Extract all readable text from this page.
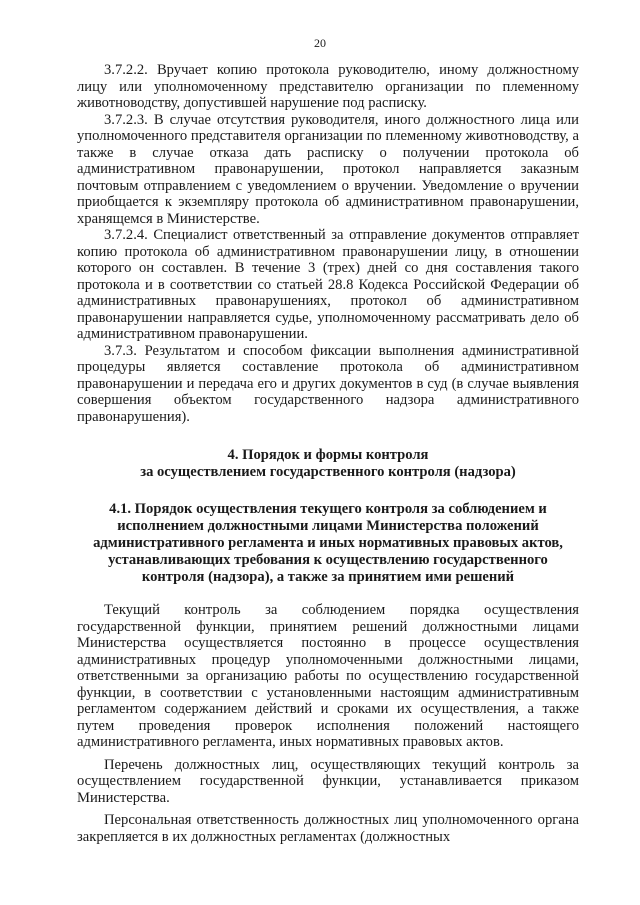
20

3.7.2.2. Вручает копию протокола руководителю, иному должностному лицу или уполномоченному представителю организации по племенному животноводству, допустившей нарушение под расписку.

3.7.2.3. В случае отсутствия руководителя, иного должностного лица или уполномоченного представителя организации по племенному животноводству, а также в случае отказа дать расписку о получении протокола об административном правонарушении, протокол направляется заказным почтовым отправлением с уведомлением о вручении. Уведомление о вручении приобщается к экземпляру протокола об административном правонарушении, хранящемся в Министерстве.

3.7.2.4. Специалист ответственный за отправление документов отправляет копию протокола об административном правонарушении лицу, в отношении которого он составлен. В течение 3 (трех) дней со дня составления такого протокола и в соответствии со статьей 28.8 Кодекса Российской Федерации об административных правонарушениях, протокол об административном правонарушении направляется судье, уполномоченному рассматривать дело об административном правонарушении.

3.7.3. Результатом и способом фиксации выполнения административной процедуры является составление протокола об административном правонарушении и передача его и других документов в суд (в случае выявления совершения объектом государственного надзора административного правонарушения).

4. Порядок и формы контроля
за осуществлением государственного контроля (надзора)
4.1. Порядок осуществления текущего контроля за соблюдением и
исполнением должностными лицами Министерства положений
административного регламента и иных нормативных правовых актов,
устанавливающих требования к осуществлению государственного
контроля (надзора), а также за принятием ими решений

Текущий контроль за соблюдением порядка осуществления государственной функции, принятием решений должностными лицами Министерства осуществляется постоянно в процессе осуществления административных процедур уполномоченными должностными лицами, ответственными за организацию работы по осуществлению государственной функции, в соответствии с установленными настоящим административным регламентом содержанием действий и сроками их осуществления, а также путем проведения проверок исполнения положений настоящего административного регламента, иных нормативных правовых актов.

Перечень должностных лиц, осуществляющих текущий контроль за осуществлением государственной функции, устанавливается приказом Министерства.

Персональная ответственность должностных лиц уполномоченного органа закрепляется в их должностных регламентах (должностных
